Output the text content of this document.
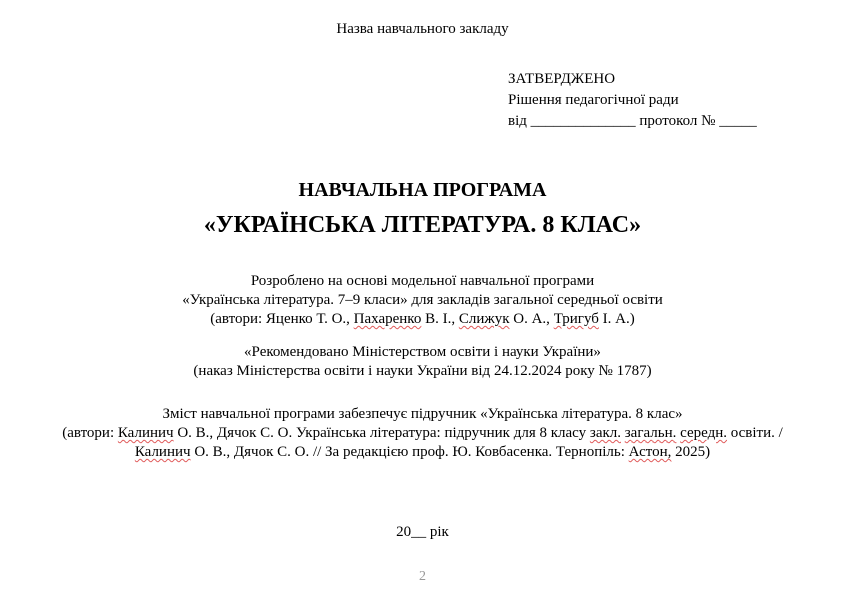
Назва навчального закладу
ЗАТВЕРДЖЕНО
Рішення педагогічної ради
від ______________ протокол № _____
НАВЧАЛЬНА ПРОГРАМА
«УКРАЇНСЬКА ЛІТЕРАТУРА. 8 КЛАС»
Розроблено на основі модельної навчальної програми
«Українська література. 7–9 класи» для закладів загальної середньої освіти
(автори: Яценко Т. О., Пахаренко В. І., Слижук О. А., Тригуб І. А.)
«Рекомендовано Міністерством освіти і науки України»
(наказ Міністерства освіти і науки України від 24.12.2024 року № 1787)
Зміст навчальної програми забезпечує підручник «Українська література. 8 клас»
(автори: Калинич О. В., Дячок С. О. Українська література: підручник для 8 класу закл. загальн. середн. освіти. /
Калинич О. В., Дячок С. О. // За редакцією проф. Ю. Ковбасенка. Тернопіль: Астон, 2025)
20__ рік
2
